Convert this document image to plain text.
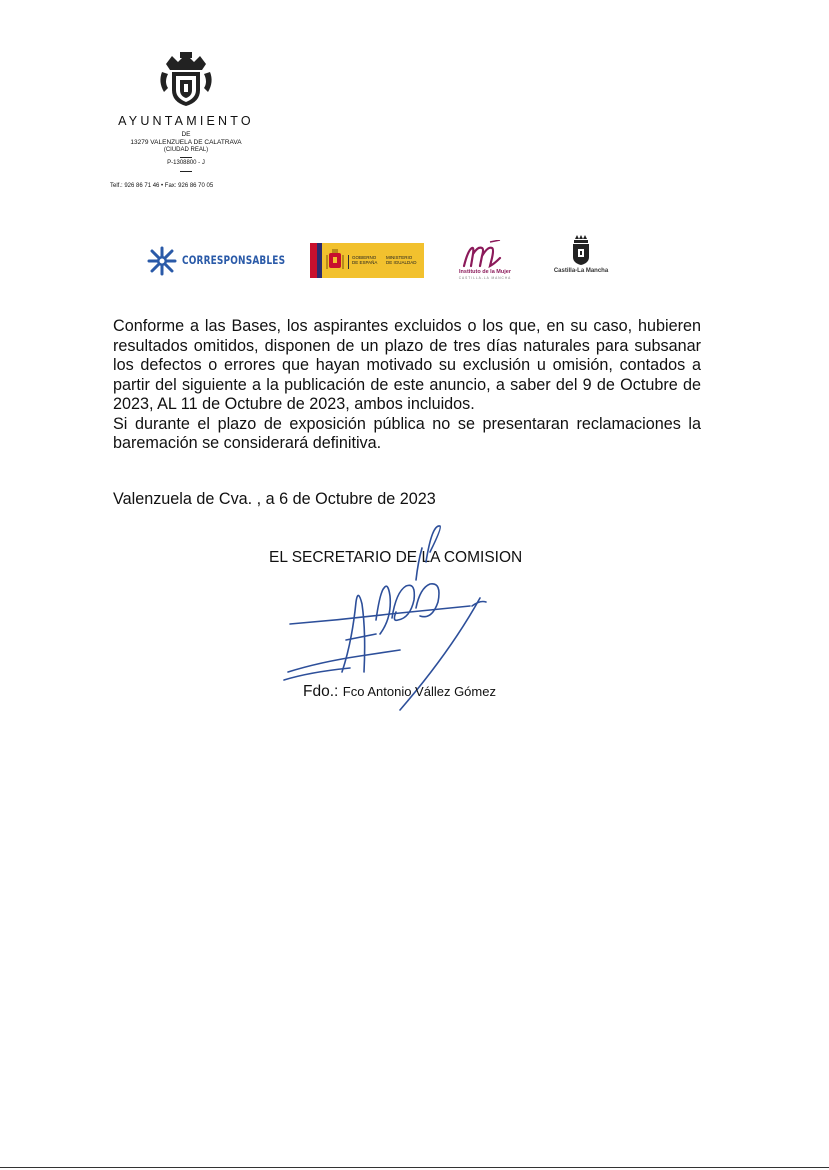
AYUNTAMIENTO
DE
13279 VALENZUELA DE CALATRAVA
(CIUDAD REAL)
P-1308800 - J
Telf.: 926 86 71 46 • Fax: 926 86 70 05
CORRESPONSABLES	GOBIERNO
DE ESPAÑA
MINISTERIO
DE IGUALDAD
Instituto de la Mujer
CASTILLA-LA MANCHA
Castilla-La Mancha

Conforme a las Bases, los aspirantes excluidos o los que, en su caso, hubieren resultados omitidos, disponen de un plazo de tres días naturales para subsanar los defectos o errores que hayan motivado su exclusión u omisión, contados a partir del siguiente a la publicación de este anuncio, a saber del 9 de Octubre de 2023, AL 11 de Octubre de 2023, ambos incluidos.

Si durante el plazo de exposición pública no se presentaran reclamaciones la baremación se considerará definitiva.

Valenzuela de Cva. , a 6 de Octubre de 2023
EL SECRETARIO DE LA COMISION
Fdo.: Fco Antonio Vállez Gómez
